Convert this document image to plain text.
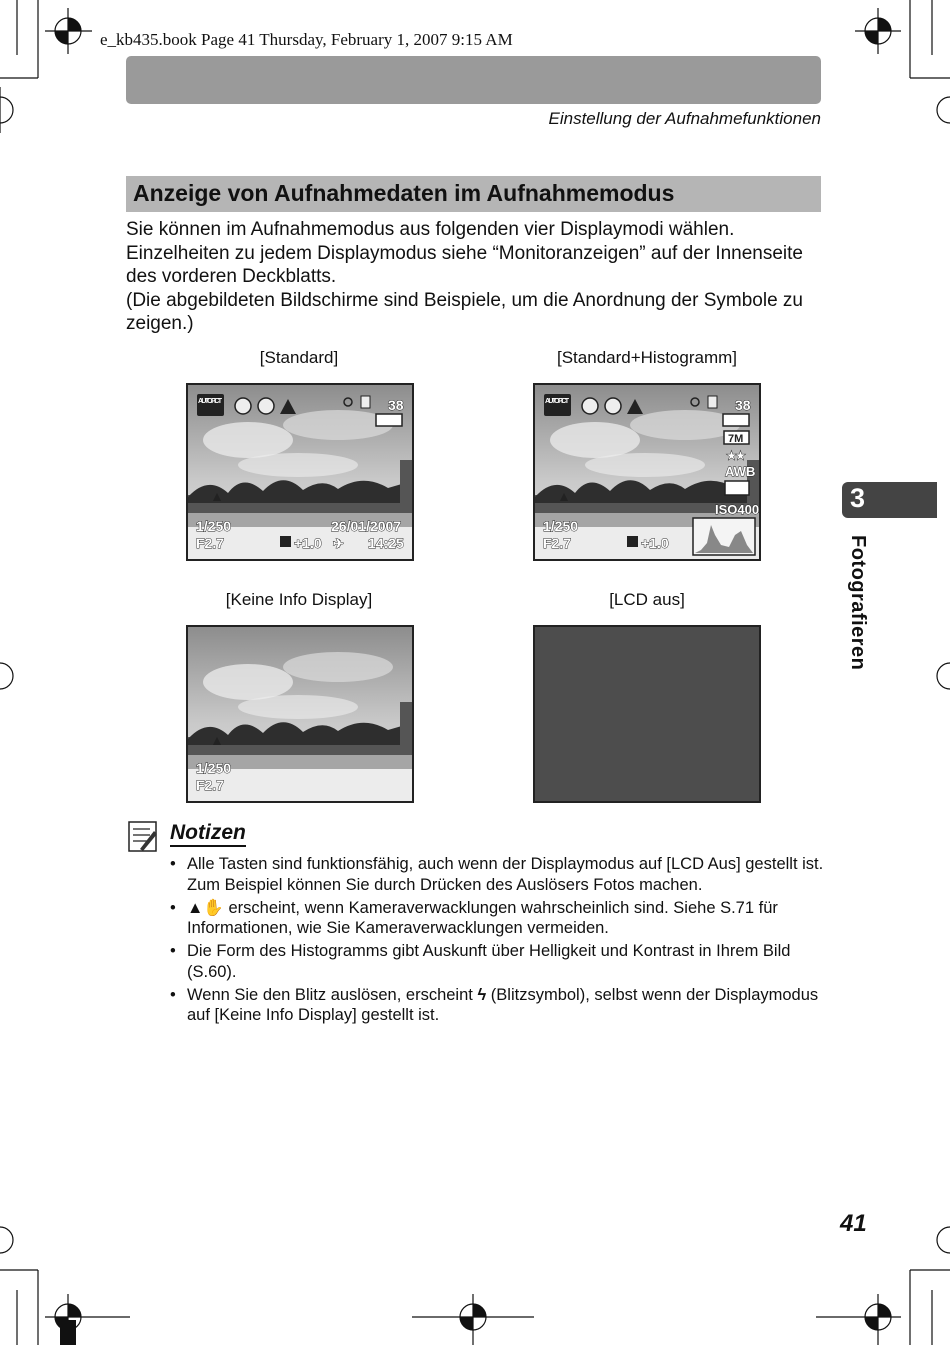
e_kb435.book Page 41 Thursday, February 1, 2007 9:15 AM
Einstellung der Aufnahmefunktionen
Anzeige von Aufnahmedaten im Aufnahmemodus

Sie können im Aufnahmemodus aus folgenden vier Displaymodi wählen. Einzelheiten zu jedem Displaymodus siehe “Monitoranzeigen” auf der Innenseite des vorderen Deckblatts.

(Die abgebildeten Bildschirme sind Beispiele, um die Anordnung der Symbole zu zeigen.)

[Standard]	[Standard+Histogramm]
[Keine Info Display]	[LCD aus]
AUTO PICT	38
1/250
F2.7
26/01/2007
+1.0 ✈ 14:25
AUTO PICT	38
7M
★★
AWB
ISO400
1/250
F2.7	+1.0
1/250
F2.7
3
Fotografieren
Notizen
• Alle Tasten sind funktionsfähig, auch wenn der Displaymodus auf [LCD Aus] gestellt ist. Zum Beispiel können Sie durch Drücken des Auslösers Fotos machen.
• ▲✋ erscheint, wenn Kameraverwacklungen wahrscheinlich sind. Siehe S.71 für Informationen, wie Sie Kameraverwacklungen vermeiden.
• Die Form des Histogramms gibt Auskunft über Helligkeit und Kontrast in Ihrem Bild (S.60).
• Wenn Sie den Blitz auslösen, erscheint ϟ (Blitzsymbol), selbst wenn der Displaymodus auf [Keine Info Display] gestellt ist.
41
